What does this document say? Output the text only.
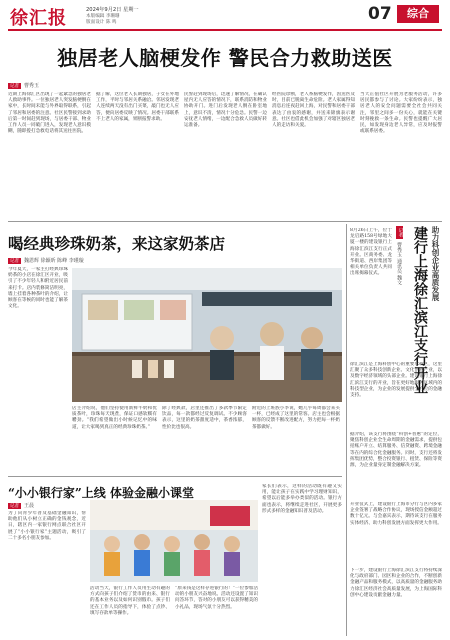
徐汇报	2024年9月2日 星期一
本版编辑 李珊珊
版面设计 陈 鸣	07	综合
独居老人脑梗发作 警民合力救助送医
记者	曹秀玉
近期上海徐汇区出现了一起紧急的独居老人救助事件。一位独居老人突发脑梗倒在家中，长时间未能与外界取得联系，引起了邻居和居委的注意。社区民警接到求助后第一时间赶到现场，与居委干部、物业工作人员一同破门进入，发现老人意识模糊，随即拨打急救电话将其送往医院。
据了解，这位老人长期独居，子女在外地工作，平时与邻居关系融洽。邻居发现老人连续两天没有出门买菜，敲门也无人应答，便向居委反映了情况。居委干部联系不上老人的家属，果断报警求助。
民警赶到现场后，迅速了解情况，在确认屋内无人应答的情况下，联系消防和物业协助开门。进门后发现老人倒在卧室地上，意识不清，情况十分危急。民警一边安抚老人情绪，一边配合急救人员做好转运准备。
经医院诊断，老人系脑梗发作，因送医及时，目前已脱离生命危险。老人家属得知消息后连夜赶回上海，对民警和居委干部表达了由衷的感谢，并送来锦旗表示谢意。社区也借此机会加强了对辖区独居老人的走访和关爱。
当天正值社区开展为老服务活动，许多居民都参与了讨论。大家纷纷表示，独居老人的安全问题需要全社会共同关注，邻里之间多一份关心，就能在关键时刻挽救一条生命。民警也提醒广大居民，如发现身边老人异常，应及时报警或联系居委。
喝经典珍珠奶茶，来这家奶茶店
记者	魏恩辉 徐颖昕 陈峰 李瑾璇
今年夏天，一家主打经典珍珠奶茶的小店在徐汇区开业，吸引了不少年轻人和附近居民前来打卡。店内装修简洁明亮，墙上挂着各种茶叶的介绍，让顾客在等候的同时也能了解茶文化。
店主介绍说，他们坚持使用新鲜牛奶和优质茶叶，珍珠每天现煮，保证口感软糯有嚼劲。“我们希望做出小时候记忆中的味道，让大家喝到真正的经典珍珠奶茶。”
除了经典款，店里还推出了多款季节限定饮品，每一款都经过反复调试。不少顾客表示，这里的奶茶甜度适中，茶香浓郁，性价比也很高。
附近的上班族小李说，她几乎每周都会来买一杯，已经成了这里的常客。店主也会根据顾客的反馈不断改进配方，努力把每一杯奶茶都做好。
“小小银行家”上线 体验金融小课堂
记者	王晨
为了向青少年普及基础金融知识，帮助他们从小树立正确的金钱观念，近日，辖区内一家银行网点联合社区开展了“小小银行家”主题活动，吸引了二十多名小朋友参加。
活动当天，银行工作人员用生动有趣的方式向孩子们介绍了货币的由来、银行的基本业务以及如何识别假币。孩子们还在工作人员的指导下，体验了点钞、填写存款单等操作。
“原来钱是这样存进银行的！”一位参加活动的小朋友兴奋地说。活动还设置了知识问答环节，答对的小朋友可以获得精美的小礼品，现场气氛十分热烈。
家长们表示，这样的活动既有趣又实用，能让孩子在实践中学习理财知识，希望以后能多举办类似的活动。银行方面也表示，将继续走进社区，开展更多形式多样的金融知识普及活动。
助力科创企业高质发展
建行上海徐汇滨江支行开业
记者
曹秀玉 通讯员 魏文
8月26日上午，位于龙启路158号绿地大厦一楼的建设银行上海徐汇滨江支行正式开业。区商务委、龙华街道、西岸集团等相关单位负责人共同出席揭幕仪式。
徐汇滨江是上海科创中心的重要承载区，这里汇聚了众多科技创新企业、文化创意产业，以及数字经济领域的头部企业。建设银行上海徐汇滨江支行的开业，旨在更好地服务区域内的科技型企业，为企业的发展提供全方位的金融支持。
据介绍，该支行将围绕“科创+普惠”的定位，聚焦科创企业全生命周期的金融需求，提供包括账户开立、结算服务、信贷融资、跨境金融等在内的综合化金融服务。同时，支行还将发挥集团优势，整合投资银行、租赁、保险等资源，为企业量身定制金融解决方案。
开业仪式上，建设银行上海市分行与区内多家企业签署了战略合作协议，现场授信金额超过数十亿元。与会嘉宾表示，期待该支行在服务实体经济、助力科创发展方面发挥更大作用。
下一步，建设银行上海徐汇滨江支行将持续深化与政府部门、园区和企业的合作，不断创新金融产品和服务模式，以高质量的金融服务助力徐汇区经济社会高质量发展，为上海国际科创中心建设贡献金融力量。
